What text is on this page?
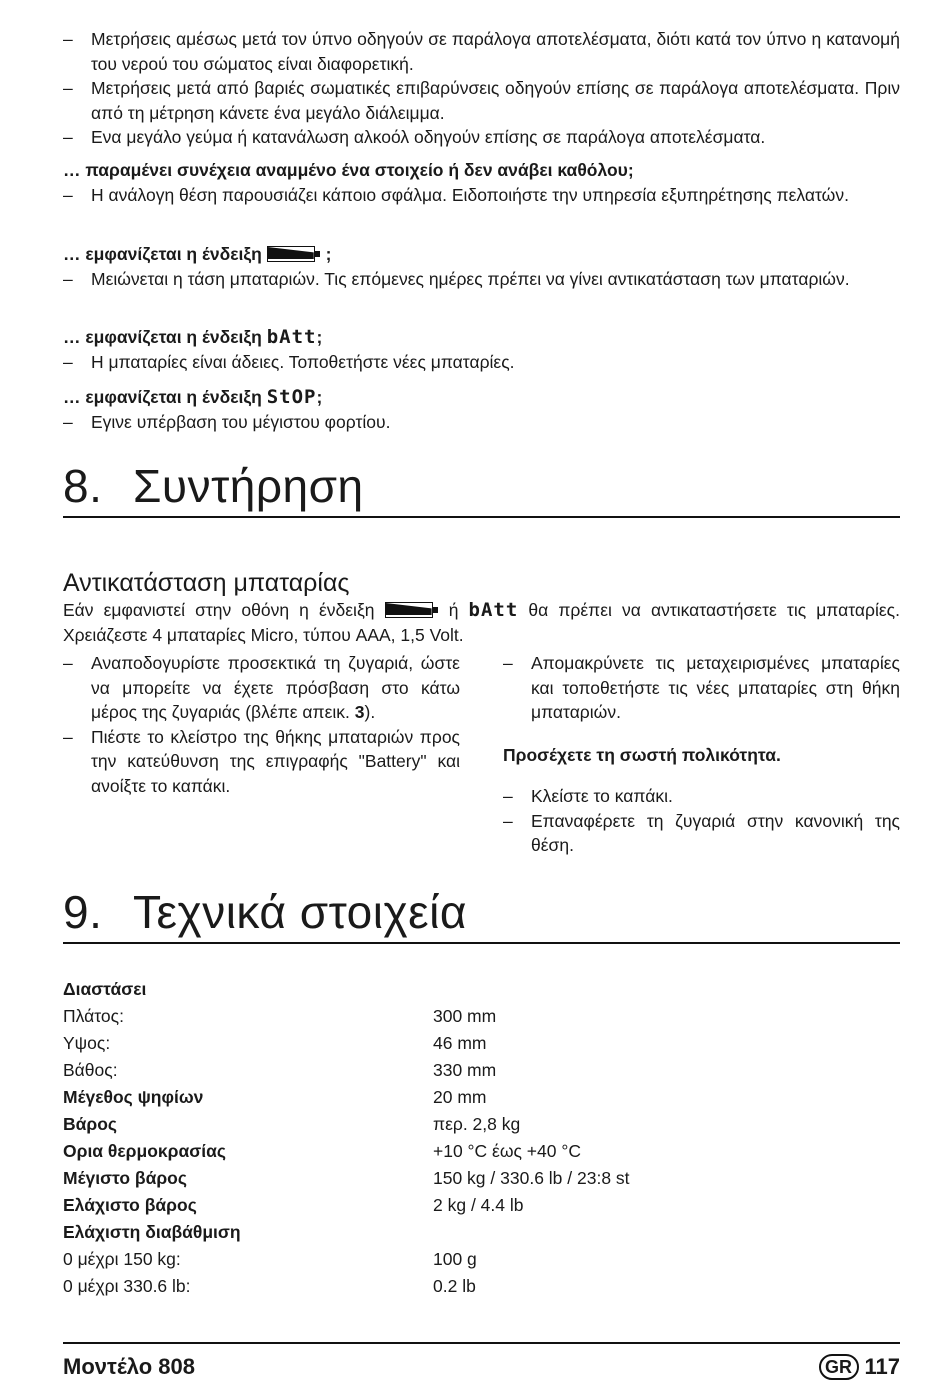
– Μετρήσεις αμέσως μετά τον ύπνο οδηγούν σε παράλογα αποτελέσματα, διότι κατά τον ύπνο η κατανομή του νερού του σώματος είναι διαφορετική.
– Μετρήσεις μετά από βαριές σωματικές επιβαρύνσεις οδηγούν επίσης σε παράλογα αποτελέσματα. Πριν από τη μέτρηση κάνετε ένα μεγάλο διάλειμμα.
– Ενα μεγάλο γεύμα ή κατανάλωση αλκοόλ οδηγούν επίσης σε παράλογα αποτελέσματα.
… παραμένει συνέχεια αναμμένο ένα στοιχείο ή δεν ανάβει καθόλου;
– Η ανάλογη θέση παρουσιάζει κάποιο σφάλμα. Ειδοποιήστε την υπηρεσία εξυπηρέτησης πελατών.
… εμφανίζεται η ένδειξη	;
– Μειώνεται η τάση μπαταριών. Τις επόμενες ημέρες πρέπει να γίνει αντικατάσταση των μπαταριών.
… εμφανίζεται η ένδειξη bAtt;
– Η μπαταρίες είναι άδειες. Τοποθετήστε νέες μπαταρίες.
… εμφανίζεται η ένδειξη StOP;
– Εγινε υπέρβαση του μέγιστου φορτίου.
8. Συντήρηση
Αντικατάσταση μπαταρίας
Εάν εμφανιστεί στην οθόνη η ένδειξη	ή bAtt θα πρέπει να αντικαταστήσετε τις μπαταρίες. Χρειάζεστε 4 μπαταρίες Micro, τύπου AAA, 1,5 Volt.
– Αναποδογυρίστε προσεκτικά τη ζυγαριά, ώστε να μπορείτε να έχετε πρόσβαση στο κάτω μέρος της ζυγαριάς (βλέπε απεικ. 3).
– Πιέστε το κλείστρο της θήκης μπαταριών προς την κατεύθυνση της επιγραφής "Battery" και ανοίξτε το καπάκι.
– Απομακρύνετε τις μεταχειρισμένες μπαταρίες και τοποθετήστε τις νέες μπαταρίες στη θήκη μπαταριών.
Προσέχετε τη σωστή πολικότητα.
– Κλείστε το καπάκι.
– Επαναφέρετε τη ζυγαριά στην κανονική της θέση.
9. Τεχνικά στοιχεία
Διαστάσει	
Πλάτος:	300 mm
Υψος:	46 mm
Βάθος:	330 mm
Μέγεθος ψηφίων	20 mm
Βάρος	περ. 2,8 kg
Ορια θερμοκρασίας	+10 °C έως +40 °C
Μέγιστο βάρος	150 kg / 330.6 lb / 23:8 st
Ελάχιστο βάρος	2 kg / 4.4 lb
Ελάχιστη διαβάθμιση	
0 μέχρι 150 kg:	100 g
0 μέχρι 330.6 lb:	0.2 lb
Μοντέλο 808	GR 117
